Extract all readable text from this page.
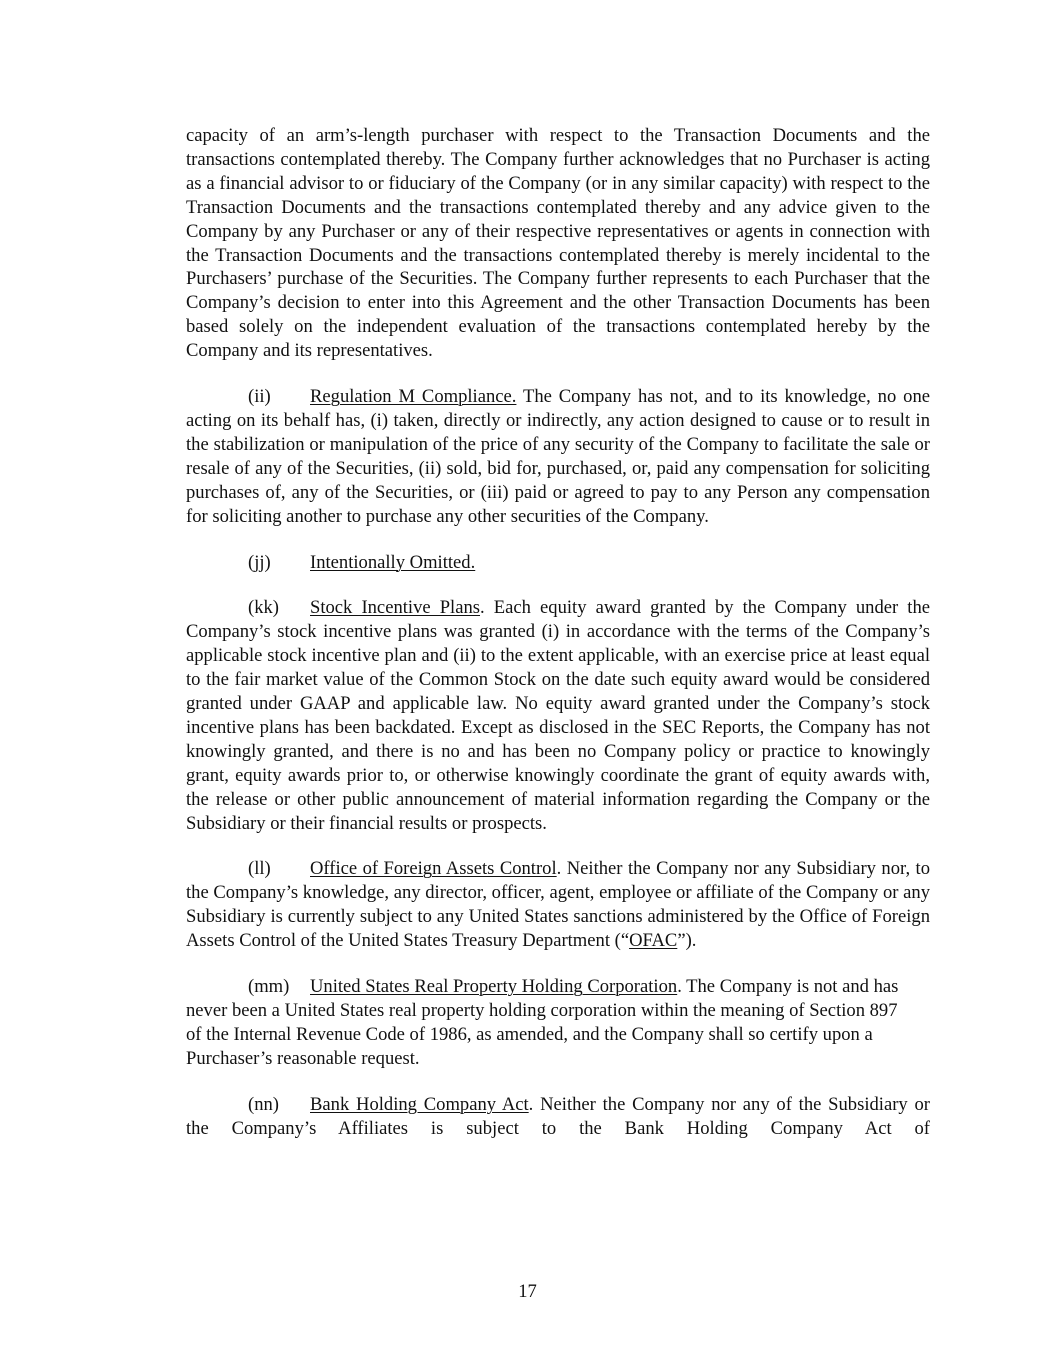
capacity of an arm’s-length purchaser with respect to the Transaction Documents and the transactions contemplated thereby. The Company further acknowledges that no Purchaser is acting as a financial advisor to or fiduciary of the Company (or in any similar capacity) with respect to the Transaction Documents and the transactions contemplated thereby and any advice given to the Company by any Purchaser or any of their respective representatives or agents in connection with the Transaction Documents and the transactions contemplated thereby is merely incidental to the Purchasers’ purchase of the Securities. The Company further represents to each Purchaser that the Company’s decision to enter into this Agreement and the other Transaction Documents has been based solely on the independent evaluation of the transactions contemplated hereby by the Company and its representatives.

(ii) Regulation M Compliance. The Company has not, and to its knowledge, no one acting on its behalf has, (i) taken, directly or indirectly, any action designed to cause or to result in the stabilization or manipulation of the price of any security of the Company to facilitate the sale or resale of any of the Securities, (ii) sold, bid for, purchased, or, paid any compensation for soliciting purchases of, any of the Securities, or (iii) paid or agreed to pay to any Person any compensation for soliciting another to purchase any other securities of the Company.

(jj) Intentionally Omitted.

(kk) Stock Incentive Plans. Each equity award granted by the Company under the Company’s stock incentive plans was granted (i) in accordance with the terms of the Company’s applicable stock incentive plan and (ii) to the extent applicable, with an exercise price at least equal to the fair market value of the Common Stock on the date such equity award would be considered granted under GAAP and applicable law. No equity award granted under the Company’s stock incentive plans has been backdated. Except as disclosed in the SEC Reports, the Company has not knowingly granted, and there is no and has been no Company policy or practice to knowingly grant, equity awards prior to, or otherwise knowingly coordinate the grant of equity awards with, the release or other public announcement of material information regarding the Company or the Subsidiary or their financial results or prospects.

(ll) Office of Foreign Assets Control. Neither the Company nor any Subsidiary nor, to the Company’s knowledge, any director, officer, agent, employee or affiliate of the Company or any Subsidiary is currently subject to any United States sanctions administered by the Office of Foreign Assets Control of the United States Treasury Department (“OFAC”).

(mm) United States Real Property Holding Corporation. The Company is not and has never been a United States real property holding corporation within the meaning of Section 897 of the Internal Revenue Code of 1986, as amended, and the Company shall so certify upon a Purchaser’s reasonable request.

(nn) Bank Holding Company Act. Neither the Company nor any of the Subsidiary or the Company’s Affiliates is subject to the Bank Holding Company Act of

17
